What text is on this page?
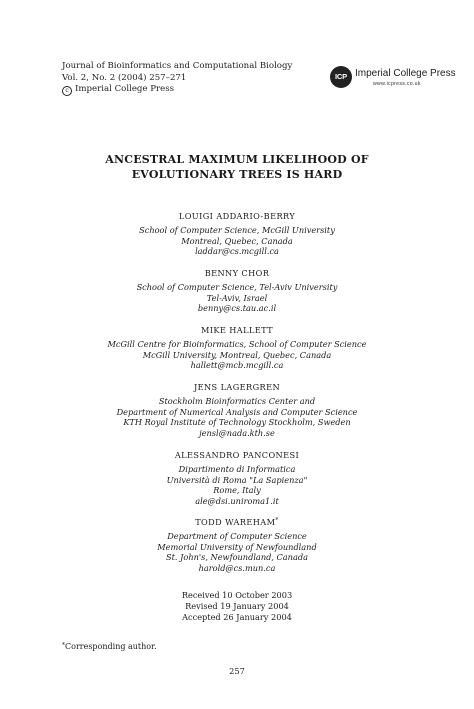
Journal of Bioinformatics and Computational Biology
Vol. 2, No. 2 (2004) 257–271
c Imperial College Press
ICP Imperial College Press
www.icpress.co.uk
ANCESTRAL MAXIMUM LIKELIHOOD OF
EVOLUTIONARY TREES IS HARD
LOUIGI ADDARIO-BERRY
School of Computer Science, McGill University
Montreal, Quebec, Canada
laddar@cs.mcgill.ca
BENNY CHOR
School of Computer Science, Tel-Aviv University
Tel-Aviv, Israel
benny@cs.tau.ac.il
MIKE HALLETT
McGill Centre for Bioinformatics, School of Computer Science
McGill University, Montreal, Quebec, Canada
hallett@mcb.mcgill.ca
JENS LAGERGREN
Stockholm Bioinformatics Center and
Department of Numerical Analysis and Computer Science
KTH Royal Institute of Technology Stockholm, Sweden
jensl@nada.kth.se
ALESSANDRO PANCONESI
Dipartimento di Informatica
Università di Roma "La Sapienza"
Rome, Italy
ale@dsi.uniroma1.it
TODD WAREHAM*
Department of Computer Science
Memorial University of Newfoundland
St. John's, Newfoundland, Canada
harold@cs.mun.ca
Received 10 October 2003
Revised 19 January 2004
Accepted 26 January 2004
*Corresponding author.
257
